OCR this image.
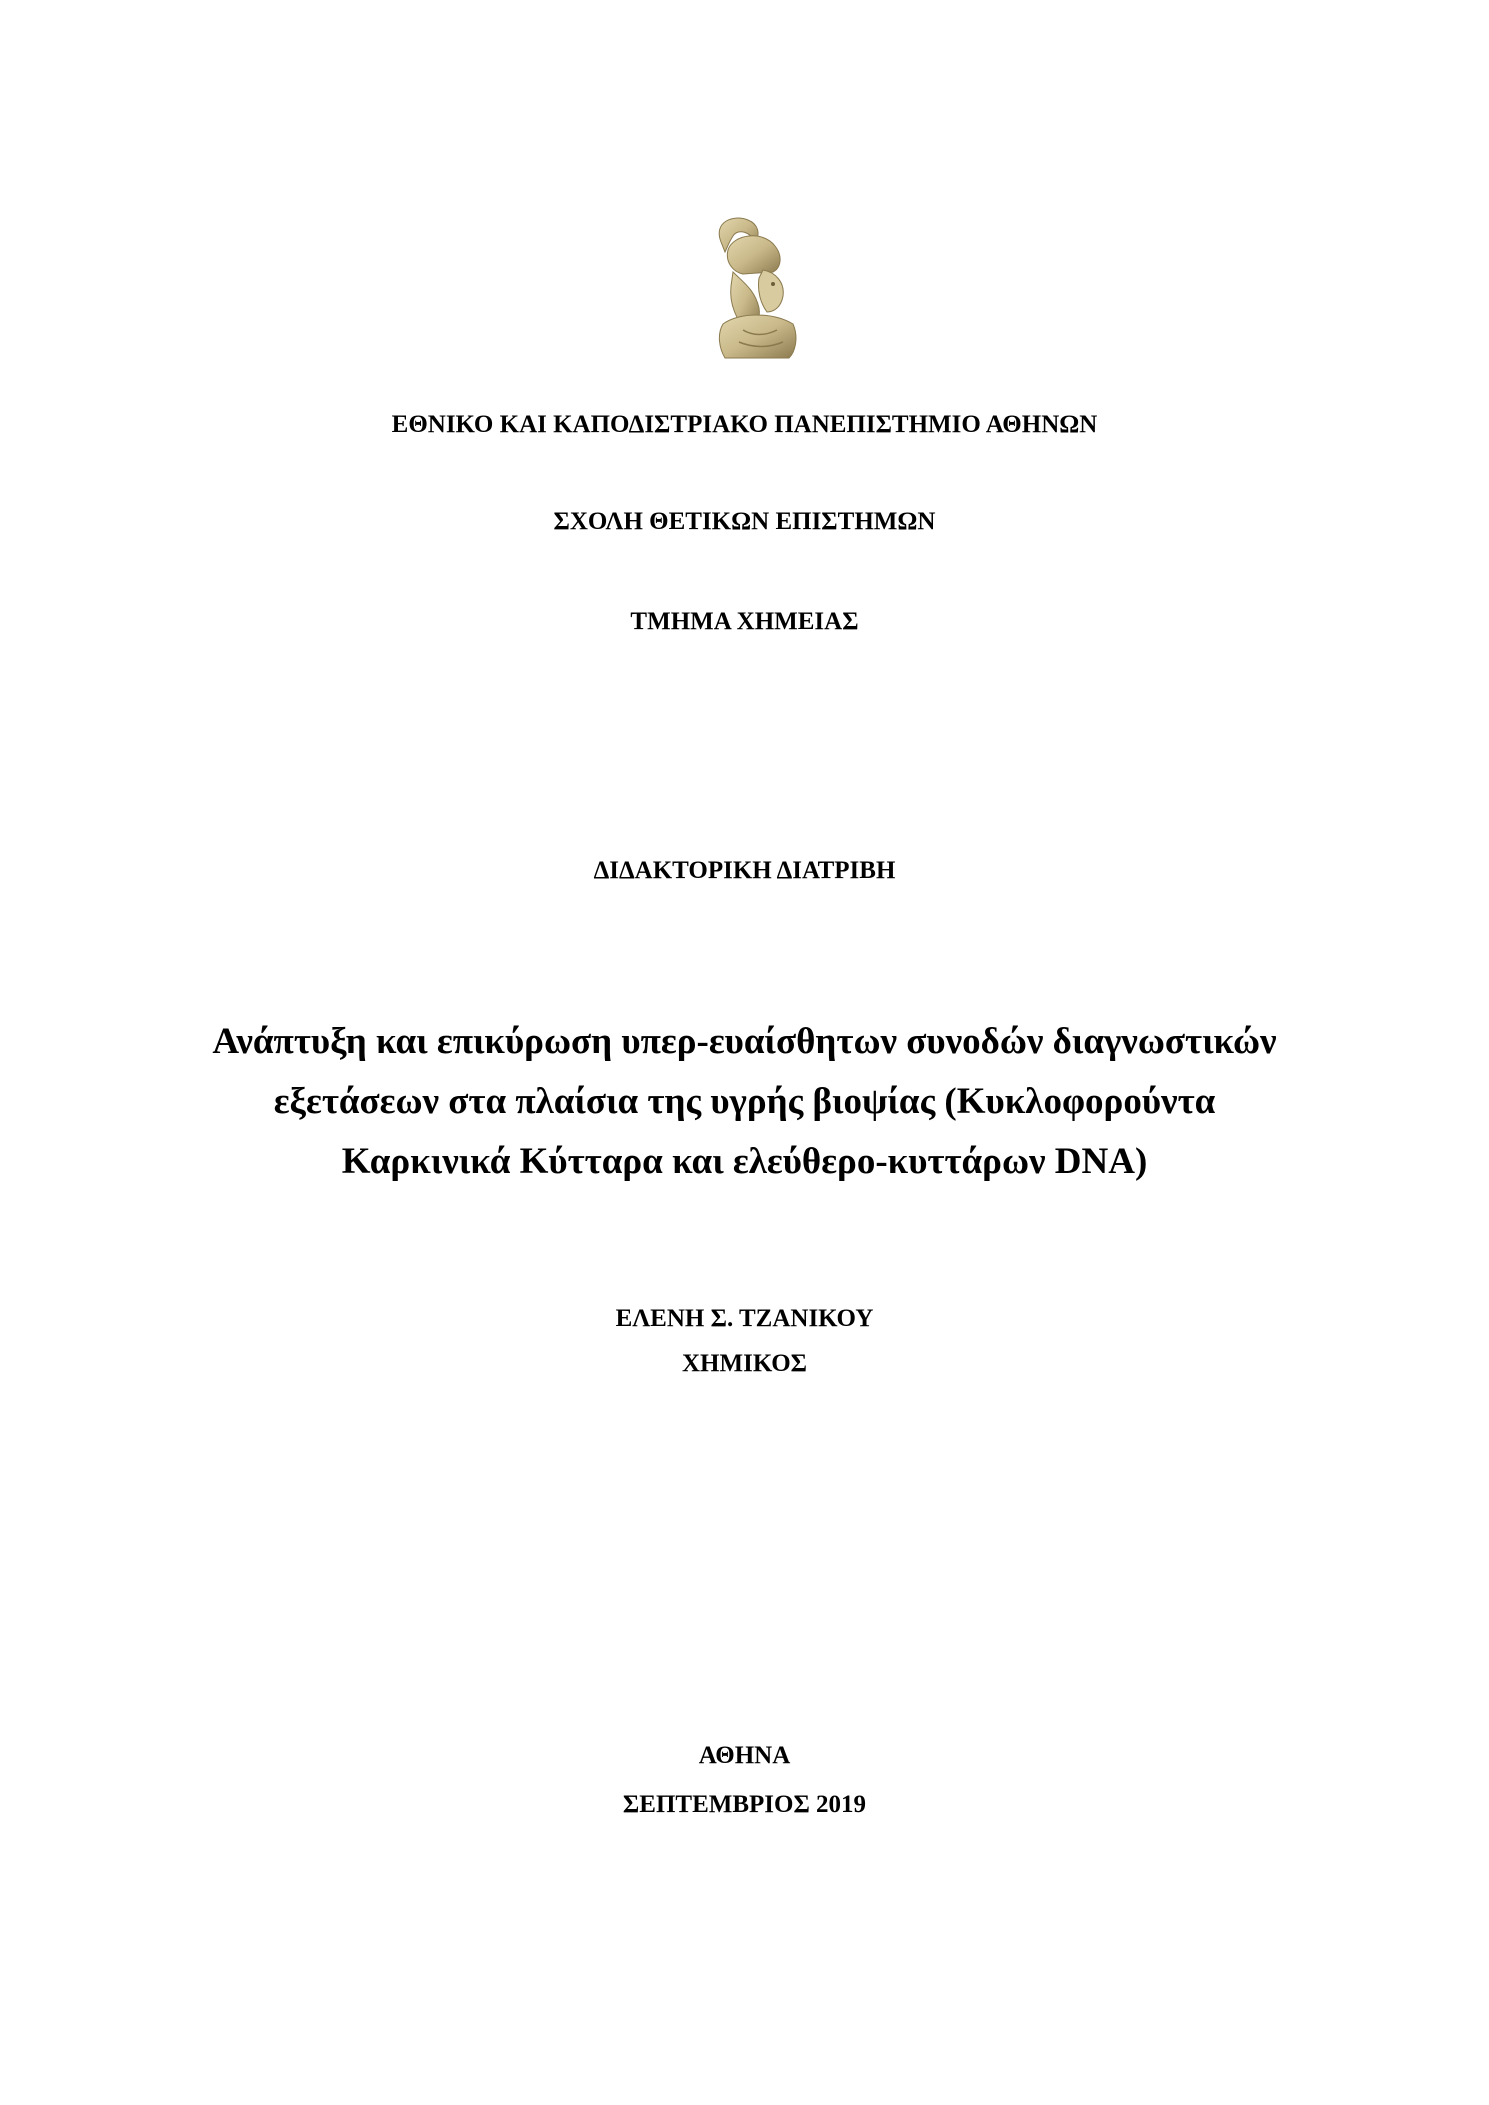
ΕΘΝΙΚΟ ΚΑΙ ΚΑΠΟΔΙΣΤΡΙΑΚΟ ΠΑΝΕΠΙΣΤΗΜΙΟ ΑΘΗΝΩΝ
ΣΧΟΛΗ ΘΕΤΙΚΩΝ ΕΠΙΣΤΗΜΩΝ
ΤΜΗΜΑ ΧΗΜΕΙΑΣ
ΔΙΔΑΚΤΟΡΙΚΗ ΔΙΑΤΡΙΒΗ
Ανάπτυξη και επικύρωση υπερ-ευαίσθητων συνοδών διαγνωστικών
εξετάσεων στα πλαίσια της υγρής βιοψίας (Κυκλοφορούντα
Καρκινικά Κύτταρα και ελεύθερο-κυττάρων DNA)
ΕΛΕΝΗ Σ. ΤΖΑΝΙΚΟΥ
ΧΗΜΙΚΟΣ
ΑΘΗΝΑ
ΣΕΠΤΕΜΒΡΙΟΣ 2019
